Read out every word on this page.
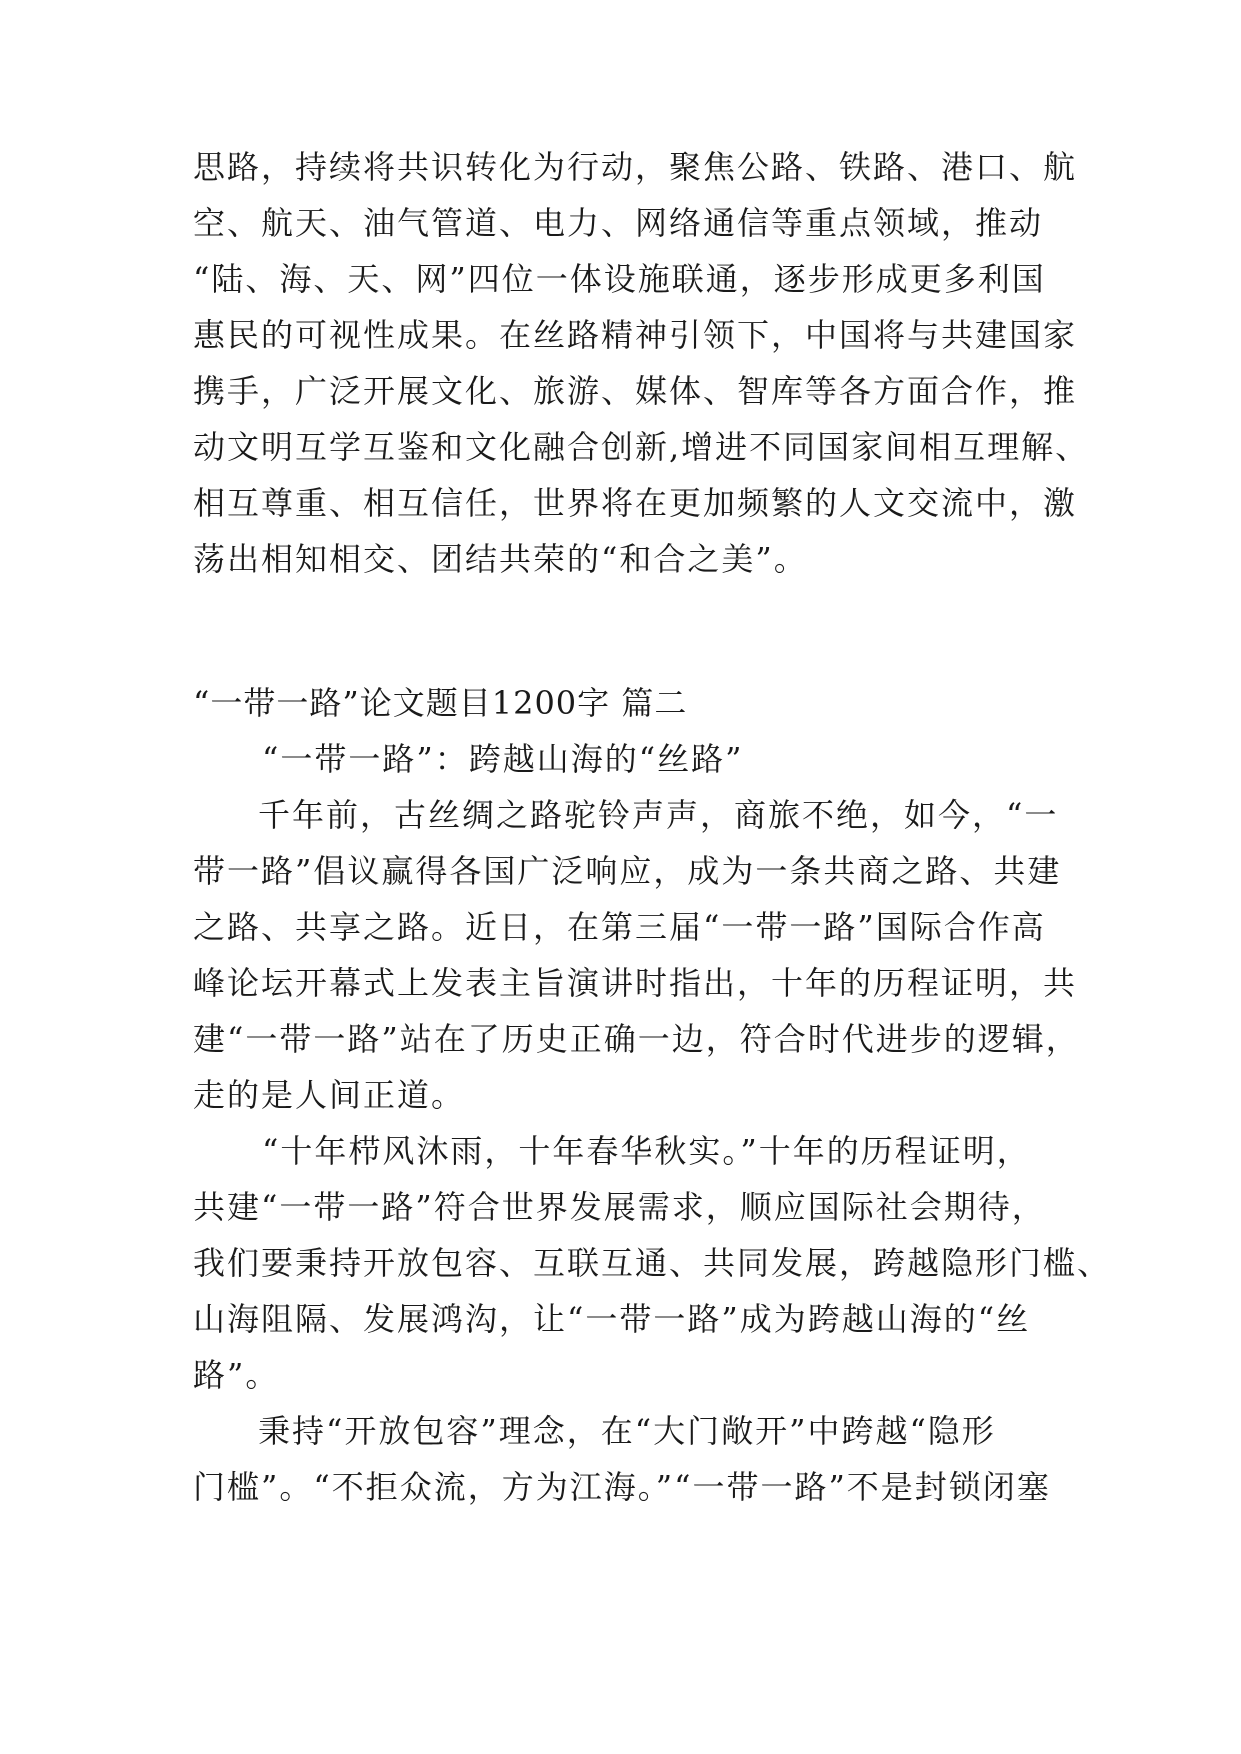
思路，持续将共识转化为行动，聚焦公路、铁路、港口、航
空、航天、油气管道、电力、网络通信等重点领域，推动
“陆、海、天、网”四位一体设施联通，逐步形成更多利国
惠民的可视性成果。在丝路精神引领下，中国将与共建国家
携手，广泛开展文化、旅游、媒体、智库等各方面合作，推
动文明互学互鉴和文化融合创新,增进不同国家间相互理解、
相互尊重、相互信任，世界将在更加频繁的人文交流中，激
荡出相知相交、团结共荣的“和合之美”。
“一带一路”论文题目1200字 篇二
“一带一路”：跨越山海的“丝路”
千年前，古丝绸之路驼铃声声，商旅不绝，如今，“一
带一路”倡议赢得各国广泛响应，成为一条共商之路、共建
之路、共享之路。近日，在第三届“一带一路”国际合作高
峰论坛开幕式上发表主旨演讲时指出，十年的历程证明，共
建“一带一路”站在了历史正确一边，符合时代进步的逻辑，
走的是人间正道。
“十年栉风沐雨，十年春华秋实。”十年的历程证明，
共建“一带一路”符合世界发展需求，顺应国际社会期待，
我们要秉持开放包容、互联互通、共同发展，跨越隐形门槛、
山海阻隔、发展鸿沟，让“一带一路”成为跨越山海的“丝
路”。
秉持“开放包容”理念，在“大门敞开”中跨越“隐形
门槛”。“不拒众流，方为江海。”“一带一路”不是封锁闭塞
